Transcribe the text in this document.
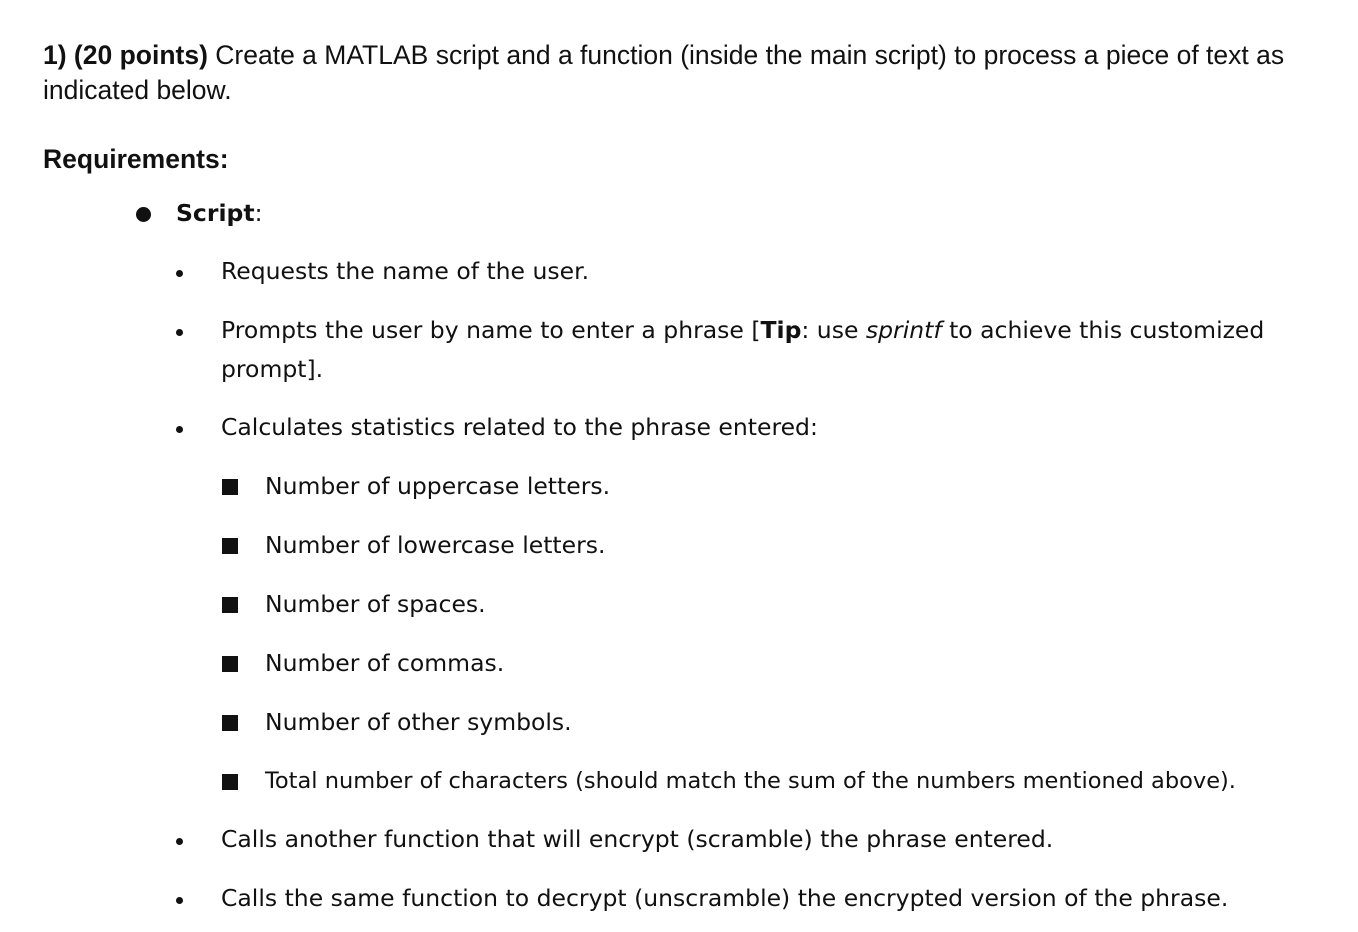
1) (20 points) Create a MATLAB script and a function (inside the main script) to process a piece of text as indicated below.
Requirements:
Script:
Requests the name of the user.
Prompts the user by name to enter a phrase [Tip: use sprintf to achieve this customized
prompt].
Calculates statistics related to the phrase entered:
Number of uppercase letters.
Number of lowercase letters.
Number of spaces.
Number of commas.
Number of other symbols.
Total number of characters (should match the sum of the numbers mentioned above).
Calls another function that will encrypt (scramble) the phrase entered.
Calls the same function to decrypt (unscramble) the encrypted version of the phrase.
